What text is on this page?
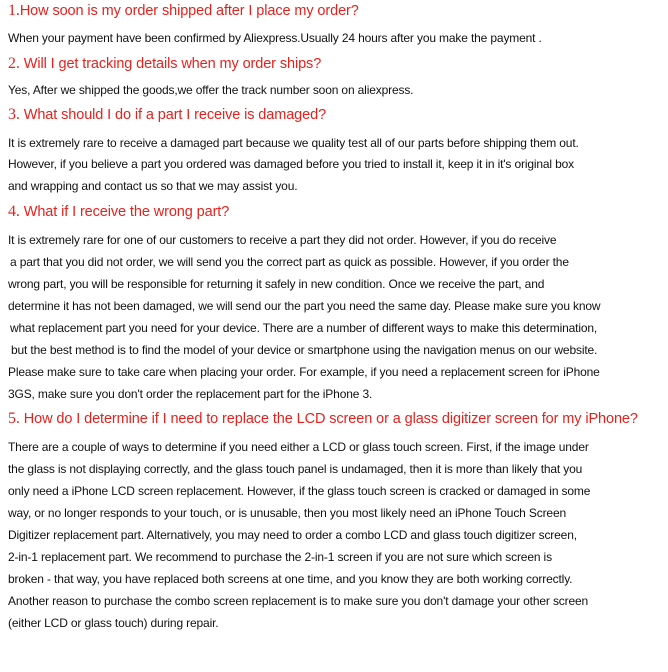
1.How soon is my order shipped after I place my order?

When your payment have been confirmed by Aliexpress.Usually 24 hours after you make the payment .

2. Will I get tracking details when my order ships?

Yes, After we shipped the goods,we offer the track number soon on aliexpress.

3. What should I do if a part I receive is damaged?

It is extremely rare to receive a damaged part because we quality test all of our parts before shipping them out.

However, if you believe a part you ordered was damaged before you tried to install it, keep it in it's original box

and wrapping and contact us so that we may assist you.

4. What if I receive the wrong part?

It is extremely rare for one of our customers to receive a part they did not order. However, if you do receive

a part that you did not order, we will send you the correct part as quick as possible. However, if you order the

wrong part, you will be responsible for returning it safely in new condition. Once we receive the part, and

determine it has not been damaged, we will send our the part you need the same day. Please make sure you know

what replacement part you need for your device. There are a number of different ways to make this determination,

but the best method is to find the model of your device or smartphone using the navigation menus on our website.

Please make sure to take care when placing your order. For example, if you need a replacement screen for iPhone

3GS, make sure you don't order the replacement part for the iPhone 3.

5. How do I determine if I need to replace the LCD screen or a glass digitizer screen for my iPhone?

There are a couple of ways to determine if you need either a LCD or glass touch screen. First, if the image under

the glass is not displaying correctly, and the glass touch panel is undamaged, then it is more than likely that you

only need a iPhone LCD screen replacement. However, if the glass touch screen is cracked or damaged in some

way, or no longer responds to your touch, or is unusable, then you most likely need an iPhone Touch Screen

Digitizer replacement part. Alternatively, you may need to order a combo LCD and glass touch digitizer screen,

2-in-1 replacement part. We recommend to purchase the 2-in-1 screen if you are not sure which screen is

broken - that way, you have replaced both screens at one time, and you know they are both working correctly.

Another reason to purchase the combo screen replacement is to make sure you don't damage your other screen

(either LCD or glass touch) during repair.
